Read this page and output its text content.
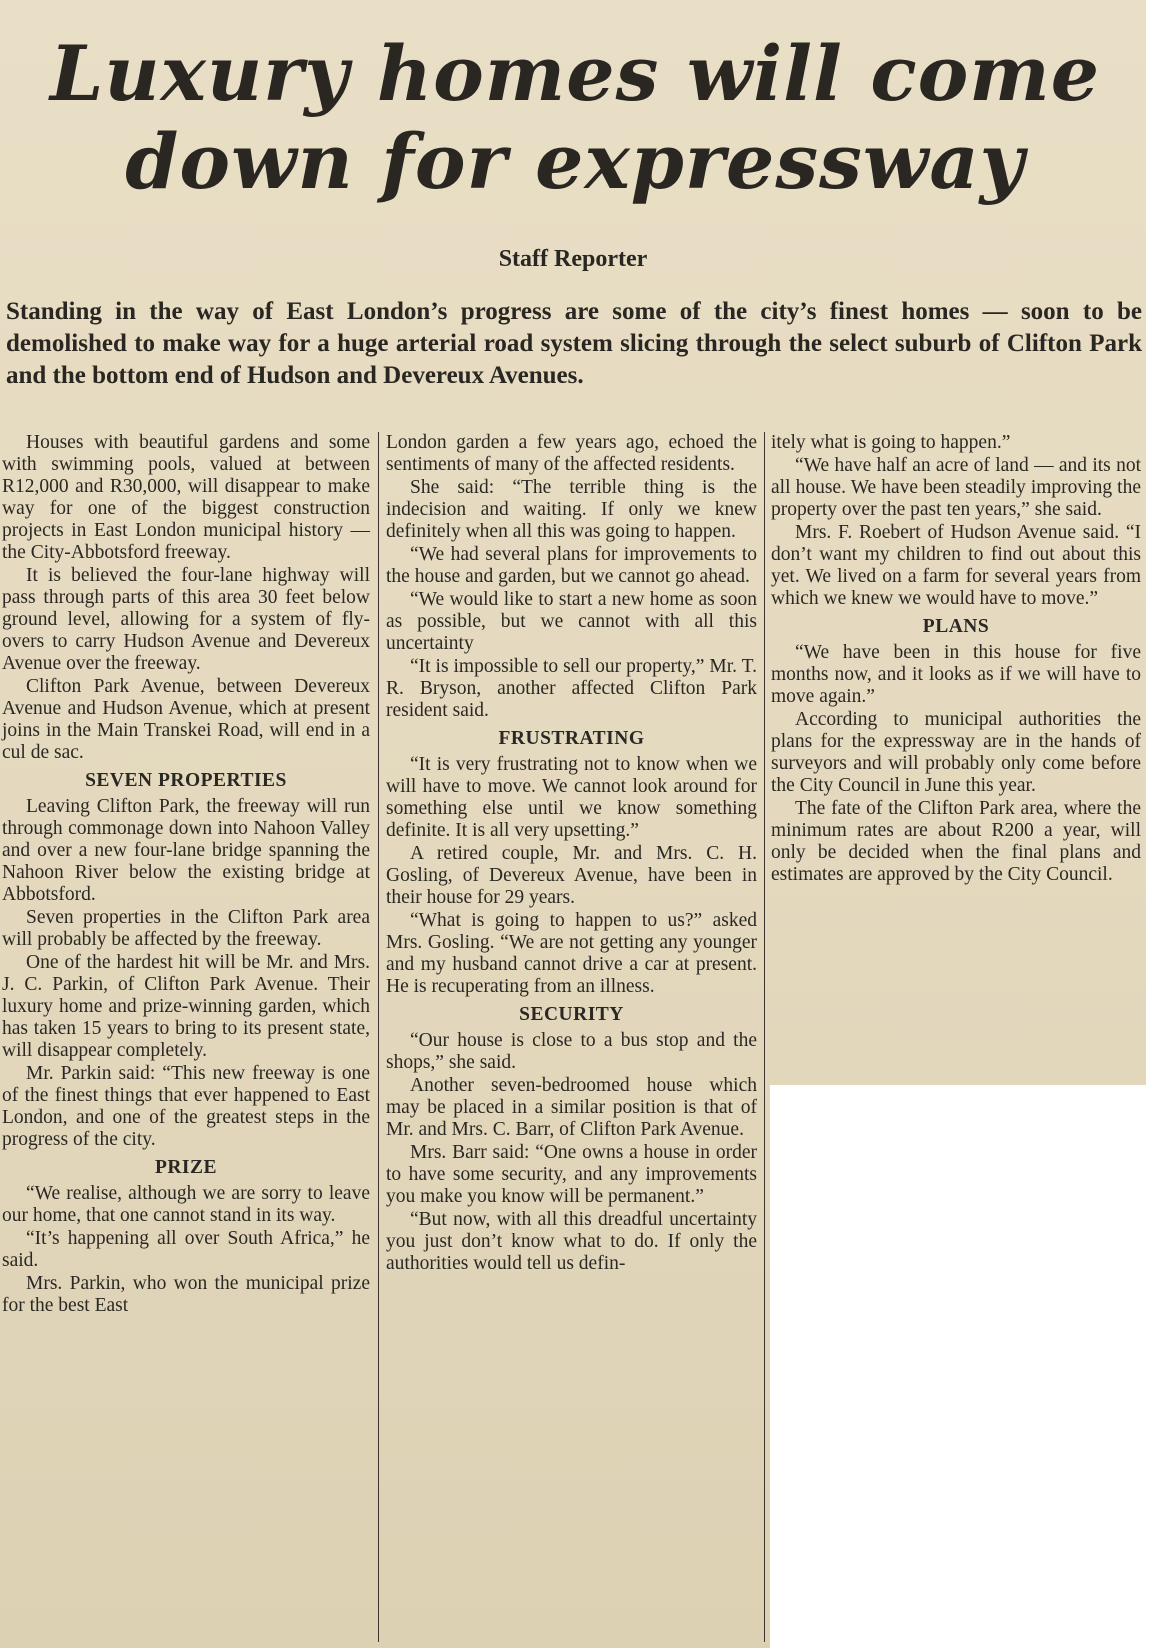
Luxury homes will come
down for expressway
Staff Reporter
Standing in the way of East London’s progress are some of the city’s finest homes — soon to be demolished to make way for a huge arterial road system slicing through the select suburb of Clifton Park and the bottom end of Hudson and Devereux Avenues.

Houses with beautiful gardens and some with swimming pools, valued at between R12,000 and R30,000, will disappear to make way for one of the biggest construction projects in East London municipal history —the City-Abbotsford freeway.

It is believed the four-lane highway will pass through parts of this area 30 feet below ground level, allowing for a system of fly-overs to carry Hudson Avenue and Devereux Avenue over the freeway.

Clifton Park Avenue, between Devereux Avenue and Hudson Avenue, which at present joins in the Main Transkei Road, will end in a cul de sac.

SEVEN PROPERTIES

Leaving Clifton Park, the freeway will run through commonage down into Nahoon Valley and over a new four-lane bridge spanning the Nahoon River below the existing bridge at Abbotsford.

Seven properties in the Clifton Park area will probably be affected by the freeway.

One of the hardest hit will be Mr. and Mrs. J. C. Parkin, of Clifton Park Avenue. Their luxury home and prize-winning garden, which has taken 15 years to bring to its present state, will disappear completely.

Mr. Parkin said: “This new freeway is one of the finest things that ever happened to East London, and one of the greatest steps in the progress of the city.

PRIZE

“We realise, although we are sorry to leave our home, that one cannot stand in its way.

“It’s happening all over South Africa,” he said.

Mrs. Parkin, who won the municipal prize for the best East

London garden a few years ago, echoed the sentiments of many of the affected residents.

She said: “The terrible thing is the indecision and waiting. If only we knew definitely when all this was going to happen.

“We had several plans for improvements to the house and garden, but we cannot go ahead.

“We would like to start a new home as soon as possible, but we cannot with all this uncertainty

“It is impossible to sell our property,” Mr. T. R. Bryson, another affected Clifton Park resident said.

FRUSTRATING

“It is very frustrating not to know when we will have to move. We cannot look around for something else until we know something definite. It is all very upsetting.”

A retired couple, Mr. and Mrs. C. H. Gosling, of Devereux Avenue, have been in their house for 29 years.

“What is going to happen to us?” asked Mrs. Gosling. “We are not getting any younger and my husband cannot drive a car at present. He is recuperating from an illness.

SECURITY

“Our house is close to a bus stop and the shops,” she said.

Another seven-bedroomed house which may be placed in a similar position is that of Mr. and Mrs. C. Barr, of Clifton Park Avenue.

Mrs. Barr said: “One owns a house in order to have some security, and any improvements you make you know will be permanent.”

“But now, with all this dreadful uncertainty you just don’t know what to do. If only the authorities would tell us defin-

itely what is going to happen.”

“We have half an acre of land — and its not all house. We have been steadily improving the property over the past ten years,” she said.

Mrs. F. Roebert of Hudson Avenue said. “I don’t want my children to find out about this yet. We lived on a farm for several years from which we knew we would have to move.”

PLANS

“We have been in this house for five months now, and it looks as if we will have to move again.”

According to municipal authorities the plans for the expressway are in the hands of surveyors and will probably only come before the City Council in June this year.

The fate of the Clifton Park area, where the minimum rates are about R200 a year, will only be decided when the final plans and estimates are approved by the City Council.
